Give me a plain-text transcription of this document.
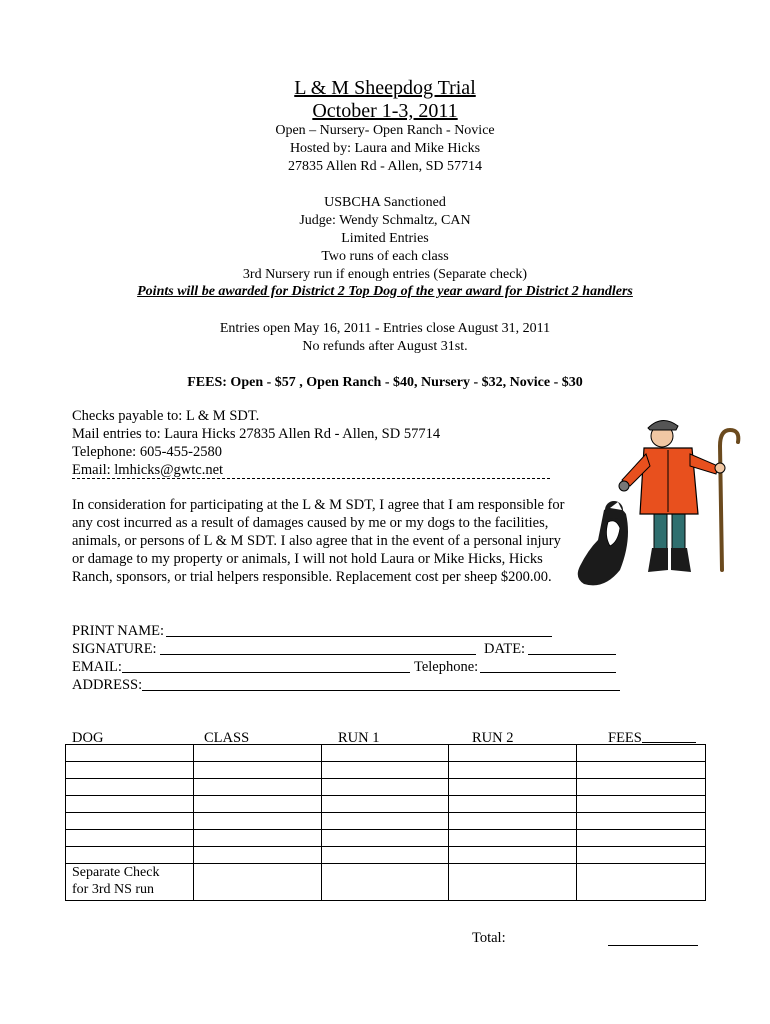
L & M Sheepdog Trial
October 1-3, 2011
Open – Nursery- Open Ranch - Novice
Hosted by: Laura and Mike Hicks
27835 Allen Rd - Allen, SD 57714
USBCHA Sanctioned
Judge: Wendy Schmaltz, CAN
Limited Entries
Two runs of each class
3rd Nursery run if enough entries (Separate check)
Points will be awarded for District 2 Top Dog of the year award for District 2 handlers
Entries open May 16, 2011 - Entries close August 31, 2011
No refunds after August 31st.
FEES: Open - $57 , Open Ranch - $40, Nursery - $32, Novice - $30
Checks payable to: L & M SDT.
Mail entries to: Laura Hicks 27835 Allen Rd - Allen, SD 57714
Telephone: 605-455-2580
Email: lmhicks@gwtc.net
In consideration for participating at the L & M SDT, I agree that I am responsible for any cost incurred as a result of damages caused by me or my dogs to the facilities, animals, or persons of L & M SDT. I also agree that in the event of a personal injury or damage to my property or animals, I will not hold Laura or Mike Hicks, Hicks Ranch, sponsors, or trial helpers responsible. Replacement cost per sheep $200.00.
PRINT NAME:
SIGNATURE:	DATE:
EMAIL:	Telephone:
ADDRESS:
DOG	CLASS	RUN 1	RUN 2	FEES

Separate Check
for 3rd NS run				

Total:
